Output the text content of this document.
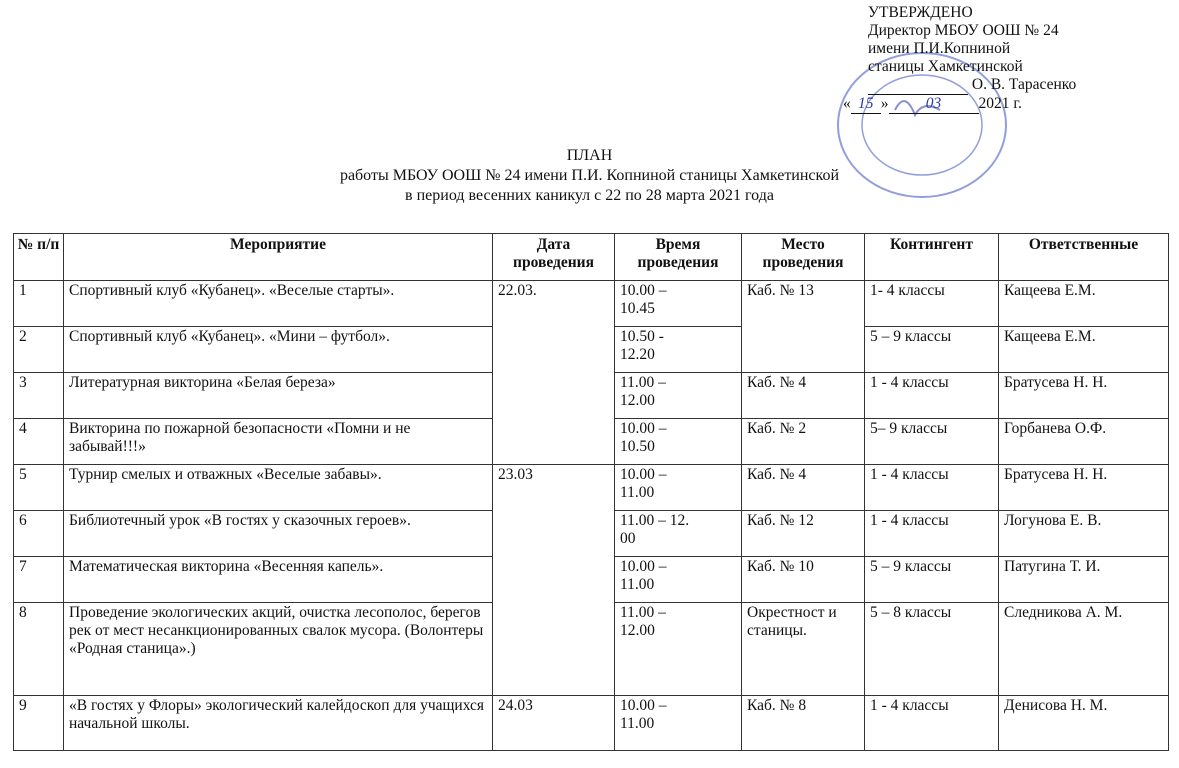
УТВЕРЖДЕНО
Директор МБОУ ООШ № 24
имени П.И.Копниной
станицы Хамкетинской
О. В. Тарасенко
« 15 » 03 2021 г.
ПЛАН
работы МБОУ ООШ № 24 имени П.И. Копниной станицы Хамкетинской
в период весенних каникул с 22 по 28 марта 2021 года
№ п/п	Мероприятие	Дата проведения	Время проведения	Место проведения	Контингент	Ответственные
1	Спортивный клуб «Кубанец». «Веселые старты».	22.03.	10.00 – 10.45	Каб. № 13	1- 4 классы	Кащеева Е.М.
2	Спортивный клуб «Кубанец». «Мини – футбол».		10.50 - 12.20		5 – 9 классы	Кащеева Е.М.
3	Литературная викторина «Белая береза»		11.00 – 12.00	Каб. № 4	1 - 4 классы	Братусева Н. Н.
4	Викторина по пожарной безопасности «Помни и не забывай!!!»		10.00 – 10.50	Каб. № 2	5– 9 классы	Горбанева О.Ф.
5	Турнир смелых и отважных «Веселые забавы».	23.03	10.00 – 11.00	Каб. № 4	1 - 4 классы	Братусева Н. Н.
6	Библиотечный урок «В гостях у сказочных героев».		11.00 – 12. 00	Каб. № 12	1 - 4 классы	Логунова Е. В.
7	Математическая викторина «Весенняя капель».		10.00 – 11.00	Каб. № 10	5 – 9 классы	Патугина Т. И.
8	Проведение экологических акций, очистка лесополос, берегов рек от мест несанкционированных свалок мусора. (Волонтеры «Родная станица».)		11.00 – 12.00	Окрестност и станицы.	5 – 8 классы	Следникова А. М.
9	«В гостях у Флоры» экологический калейдоскоп для учащихся начальной школы.	24.03	10.00 – 11.00	Каб. № 8	1 - 4 классы	Денисова Н. М.
